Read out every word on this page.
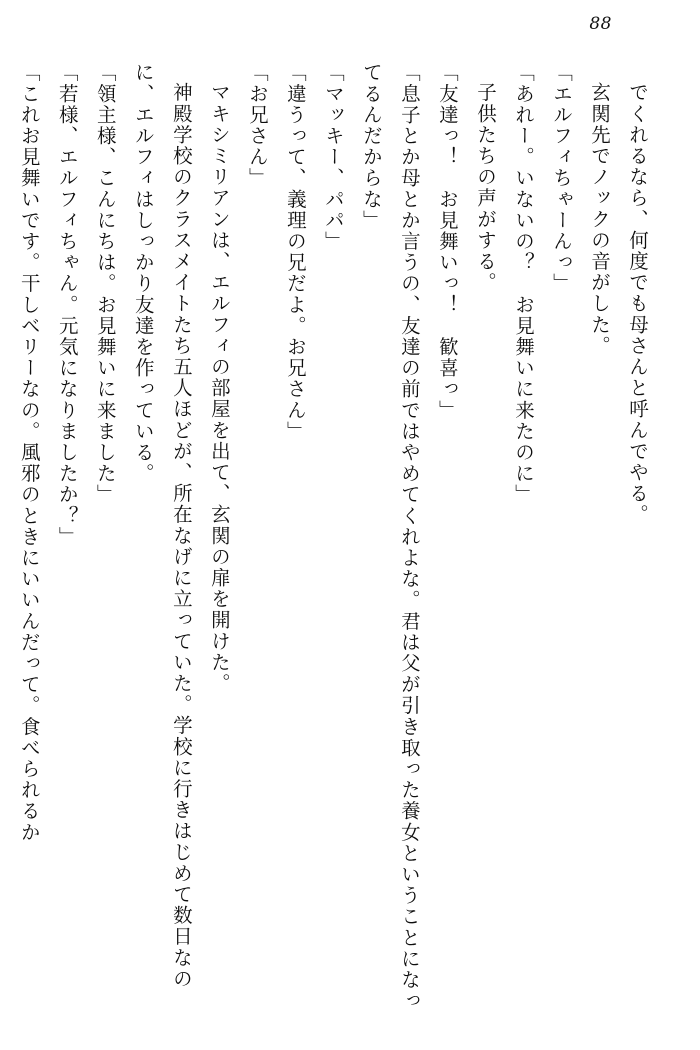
88

でくれるなら、何度でも母さんと呼んでやる。

玄関先でノックの音がした。

「エルフィちゃーんっ」

「あれー。いないの？　お見舞いに来たのに」

子供たちの声がする。

「友達っ！　お見舞いっ！　歓喜っ」

「息子とか母とか言うの、友達の前ではやめてくれよな。君は父が引き取った養女ということになってるんだからな」

「マッキー、パパ」

「違うって、義理の兄だよ。お兄さん」

「お兄さん」

マキシミリアンは、エルフィの部屋を出て、玄関の扉を開けた。

神殿学校のクラスメイトたち五人ほどが、所在なげに立っていた。学校に行きはじめて数日なのに、エルフィはしっかり友達を作っている。

「領主様、こんにちは。お見舞いに来ました」

「若様、エルフィちゃん。元気になりましたか？」

「これお見舞いです。干しベリーなの。風邪のときにいいんだって。食べられるか
